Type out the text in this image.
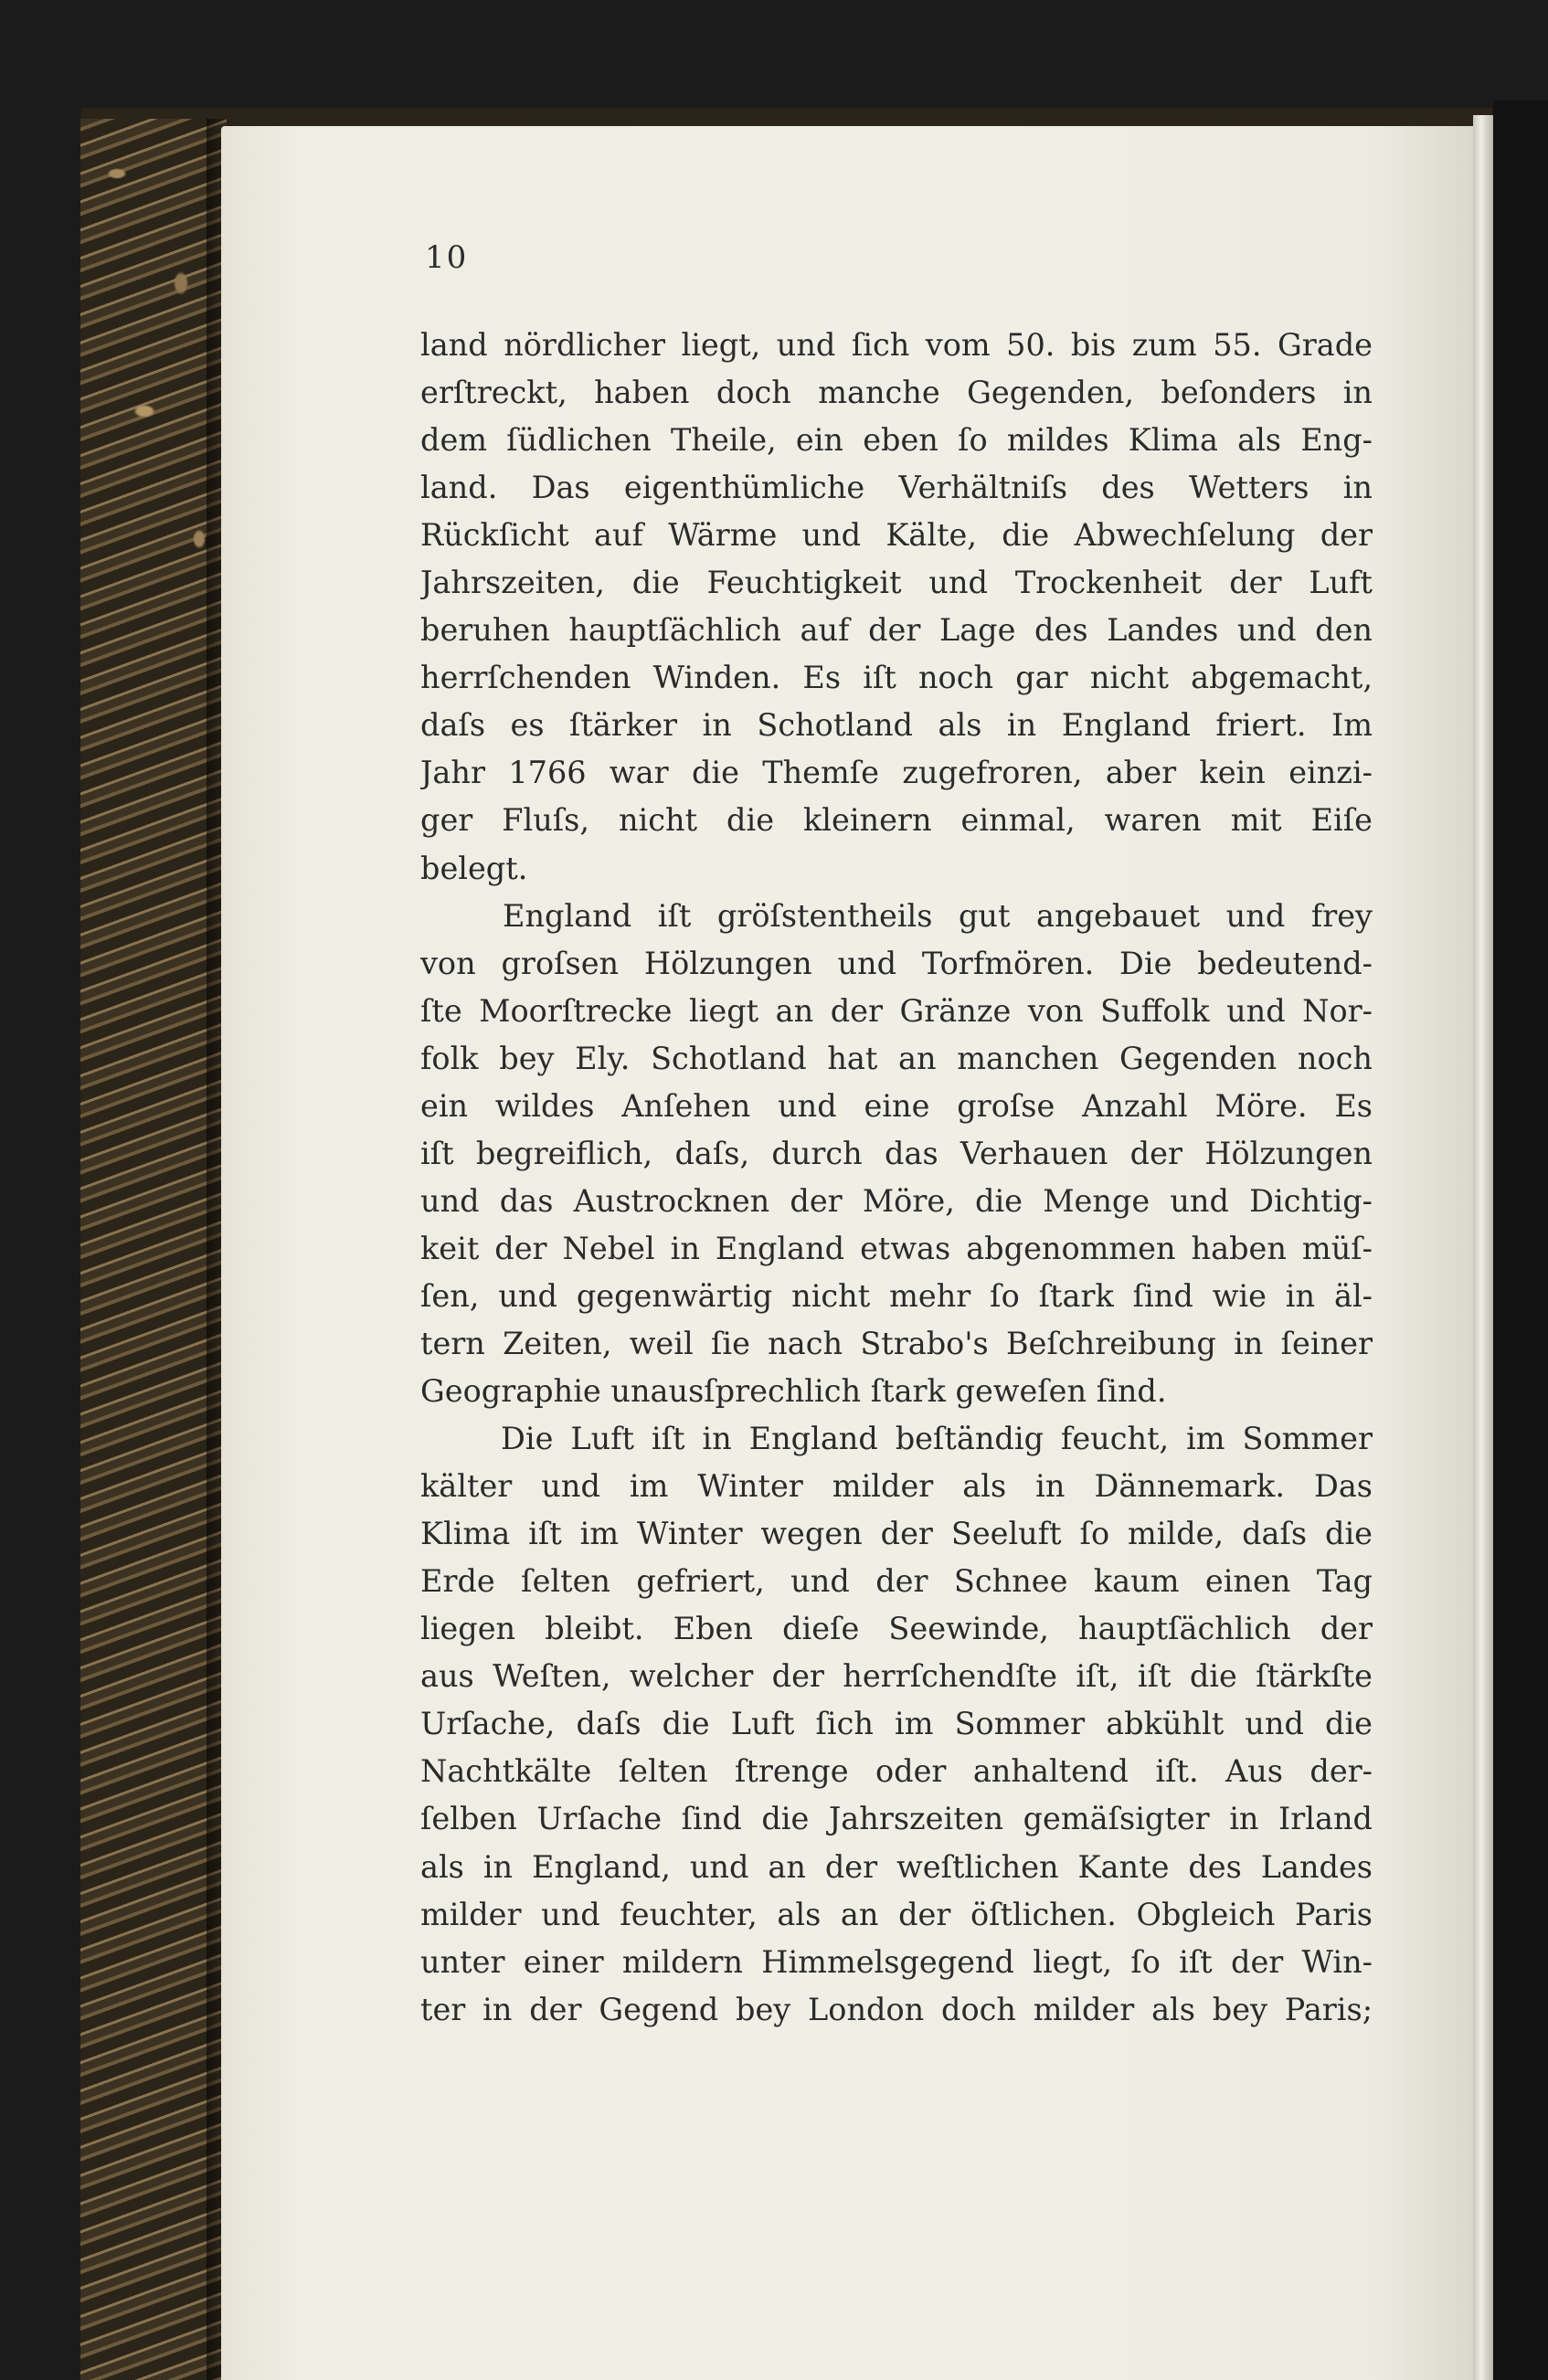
10
land nördlicher liegt, und ſich vom 50. bis zum 55. Grade
erſtreckt, haben doch manche Gegenden, beſonders in
dem ſüdlichen Theile, ein eben ſo mildes Klima als Eng-
land. Das eigenthümliche Verhältniſs des Wetters in
Rückſicht auf Wärme und Kälte, die Abwechſelung der
Jahrszeiten, die Feuchtigkeit und Trockenheit der Luft
beruhen hauptſächlich auf der Lage des Landes und den
herrſchenden Winden. Es iſt noch gar nicht abgemacht,
daſs es ſtärker in Schotland als in England friert. Im
Jahr 1766 war die Themſe zugefroren, aber kein einzi-
ger Fluſs, nicht die kleinern einmal, waren mit Eiſe
belegt.
England iſt gröſstentheils gut angebauet und frey
von groſsen Hölzungen und Torfmören. Die bedeutend-
ſte Moorſtrecke liegt an der Gränze von Suffolk und Nor-
folk bey Ely. Schotland hat an manchen Gegenden noch
ein wildes Anſehen und eine groſse Anzahl Möre. Es
iſt begreiflich, daſs, durch das Verhauen der Hölzungen
und das Austrocknen der Möre, die Menge und Dichtig-
keit der Nebel in England etwas abgenommen haben müſ-
ſen, und gegenwärtig nicht mehr ſo ſtark ſind wie in äl-
tern Zeiten, weil ſie nach Strabo's Beſchreibung in ſeiner
Geographie unausſprechlich ſtark geweſen ſind.
Die Luft iſt in England beſtändig feucht, im Sommer
kälter und im Winter milder als in Dännemark. Das
Klima iſt im Winter wegen der Seeluft ſo milde, daſs die
Erde ſelten gefriert, und der Schnee kaum einen Tag
liegen bleibt. Eben dieſe Seewinde, hauptſächlich der
aus Weſten, welcher der herrſchendſte iſt, iſt die ſtärkſte
Urſache, daſs die Luft ſich im Sommer abkühlt und die
Nachtkälte ſelten ſtrenge oder anhaltend iſt. Aus der-
ſelben Urſache ſind die Jahrszeiten gemäſsigter in Irland
als in England, und an der weſtlichen Kante des Landes
milder und feuchter, als an der öſtlichen. Obgleich Paris
unter einer mildern Himmelsgegend liegt, ſo iſt der Win-
ter in der Gegend bey London doch milder als bey Paris;
